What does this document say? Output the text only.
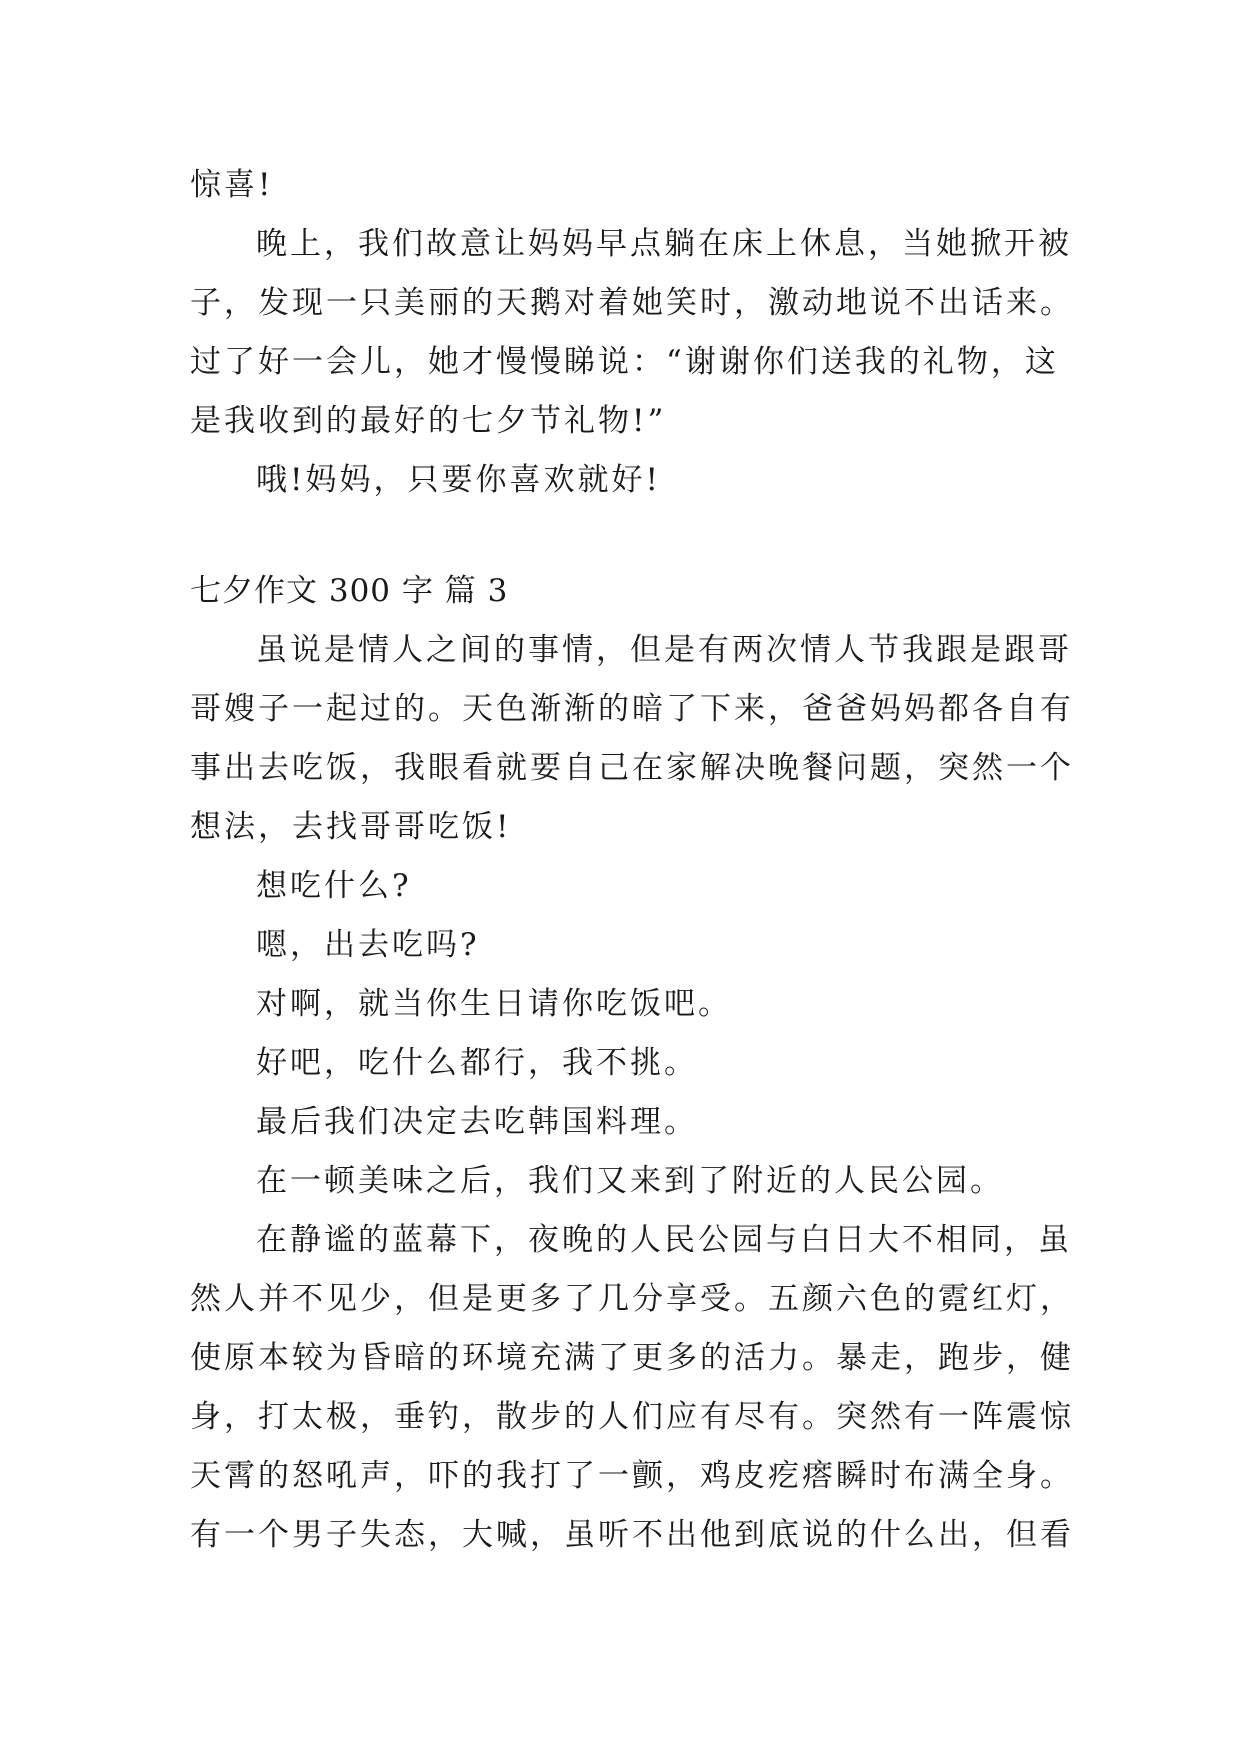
惊喜!
晚上，我们故意让妈妈早点躺在床上休息，当她掀开被
子，发现一只美丽的天鹅对着她笑时，激动地说不出话来。
过了好一会儿，她才慢慢睇说：“谢谢你们送我的礼物，这
是我收到的最好的七夕节礼物!”
哦!妈妈，只要你喜欢就好!
七夕作文 300 字 篇 3
虽说是情人之间的事情，但是有两次情人节我跟是跟哥
哥嫂子一起过的。天色渐渐的暗了下来，爸爸妈妈都各自有
事出去吃饭，我眼看就要自己在家解决晚餐问题，突然一个
想法，去找哥哥吃饭!
想吃什么?
嗯，出去吃吗?
对啊，就当你生日请你吃饭吧。
好吧，吃什么都行，我不挑。
最后我们决定去吃韩国料理。
在一顿美味之后，我们又来到了附近的人民公园。
在静谧的蓝幕下，夜晚的人民公园与白日大不相同，虽
然人并不见少，但是更多了几分享受。五颜六色的霓红灯，
使原本较为昏暗的环境充满了更多的活力。暴走，跑步，健
身，打太极，垂钓，散步的人们应有尽有。突然有一阵震惊
天霄的怒吼声，吓的我打了一颤，鸡皮疙瘩瞬时布满全身。
有一个男子失态，大喊，虽听不出他到底说的什么出，但看
